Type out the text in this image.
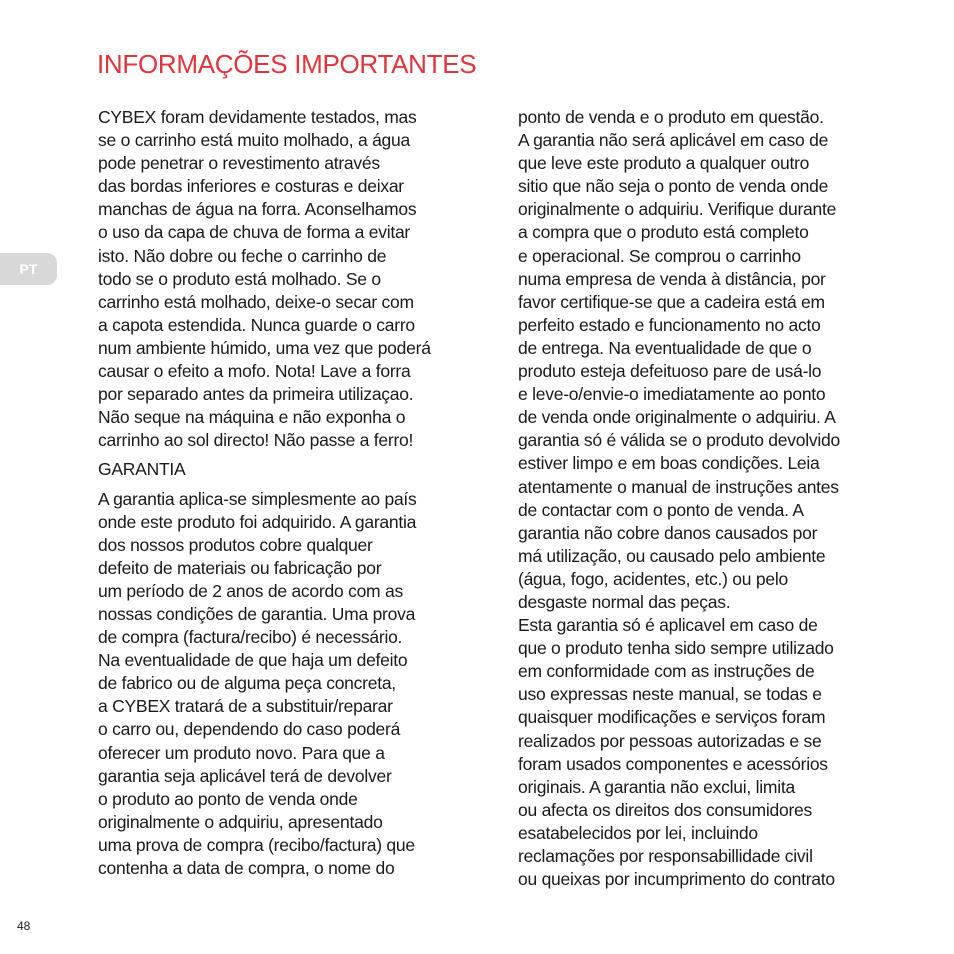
INFORMAÇÕES IMPORTANTES
PT
CYBEX foram devidamente testados, mas
se o carrinho está muito molhado, a água
pode penetrar o revestimento através
das bordas inferiores e costuras e deixar
manchas de água na forra. Aconselhamos
o uso da capa de chuva de forma a evitar
isto. Não dobre ou feche o carrinho de
todo se o produto está molhado. Se o
carrinho está molhado, deixe-o secar com
a capota estendida. Nunca guarde o carro
num ambiente húmido, uma vez que poderá
causar o efeito a mofo. Nota! Lave a forra
por separado antes da primeira utilizaçao.
Não seque na máquina e não exponha o
carrinho ao sol directo! Não passe a ferro!
GARANTIA
A garantia aplica-se simplesmente ao país
onde este produto foi adquirido. A garantia
dos nossos produtos cobre qualquer
defeito de materiais ou fabricação por
um período de 2 anos de acordo com as
nossas condições de garantia. Uma prova
de compra (factura/recibo) é necessário.
Na eventualidade de que haja um defeito
de fabrico ou de alguma peça concreta,
a CYBEX tratará de a substituir/reparar
o carro ou, dependendo do caso poderá
oferecer um produto novo. Para que a
garantia seja aplicável terá de devolver
o produto ao ponto de venda onde
originalmente o adquiriu, apresentado
uma prova de compra (recibo/factura) que
contenha a data de compra, o nome do
ponto de venda e o produto em questão.
A garantia não será aplicável em caso de
que leve este produto a qualquer outro
sitio que não seja o ponto de venda onde
originalmente o adquiriu. Verifique durante
a compra que o produto está completo
e operacional. Se comprou o carrinho
numa empresa de venda à distância, por
favor certifique-se que a cadeira está em
perfeito estado e funcionamento no acto
de entrega. Na eventualidade de que o
produto esteja defeituoso pare de usá-lo
e leve-o/envie-o imediatamente ao ponto
de venda onde originalmente o adquiriu. A
garantia só é válida se o produto devolvido
estiver limpo e em boas condições. Leia
atentamente o manual de instruções antes
de contactar com o ponto de venda. A
garantia não cobre danos causados por
má utilização, ou causado pelo ambiente
(água, fogo, acidentes, etc.) ou pelo
desgaste normal das peças.
Esta garantia só é aplicavel em caso de
que o produto tenha sido sempre utilizado
em conformidade com as instruções de
uso expressas neste manual, se todas e
quaisquer modificações e serviços foram
realizados por pessoas autorizadas e se
foram usados componentes e acessórios
originais. A garantia não exclui, limita
ou afecta os direitos dos consumidores
esatabelecidos por lei, incluindo
reclamações por responsabillidade civil
ou queixas por incumprimento do contrato
48
